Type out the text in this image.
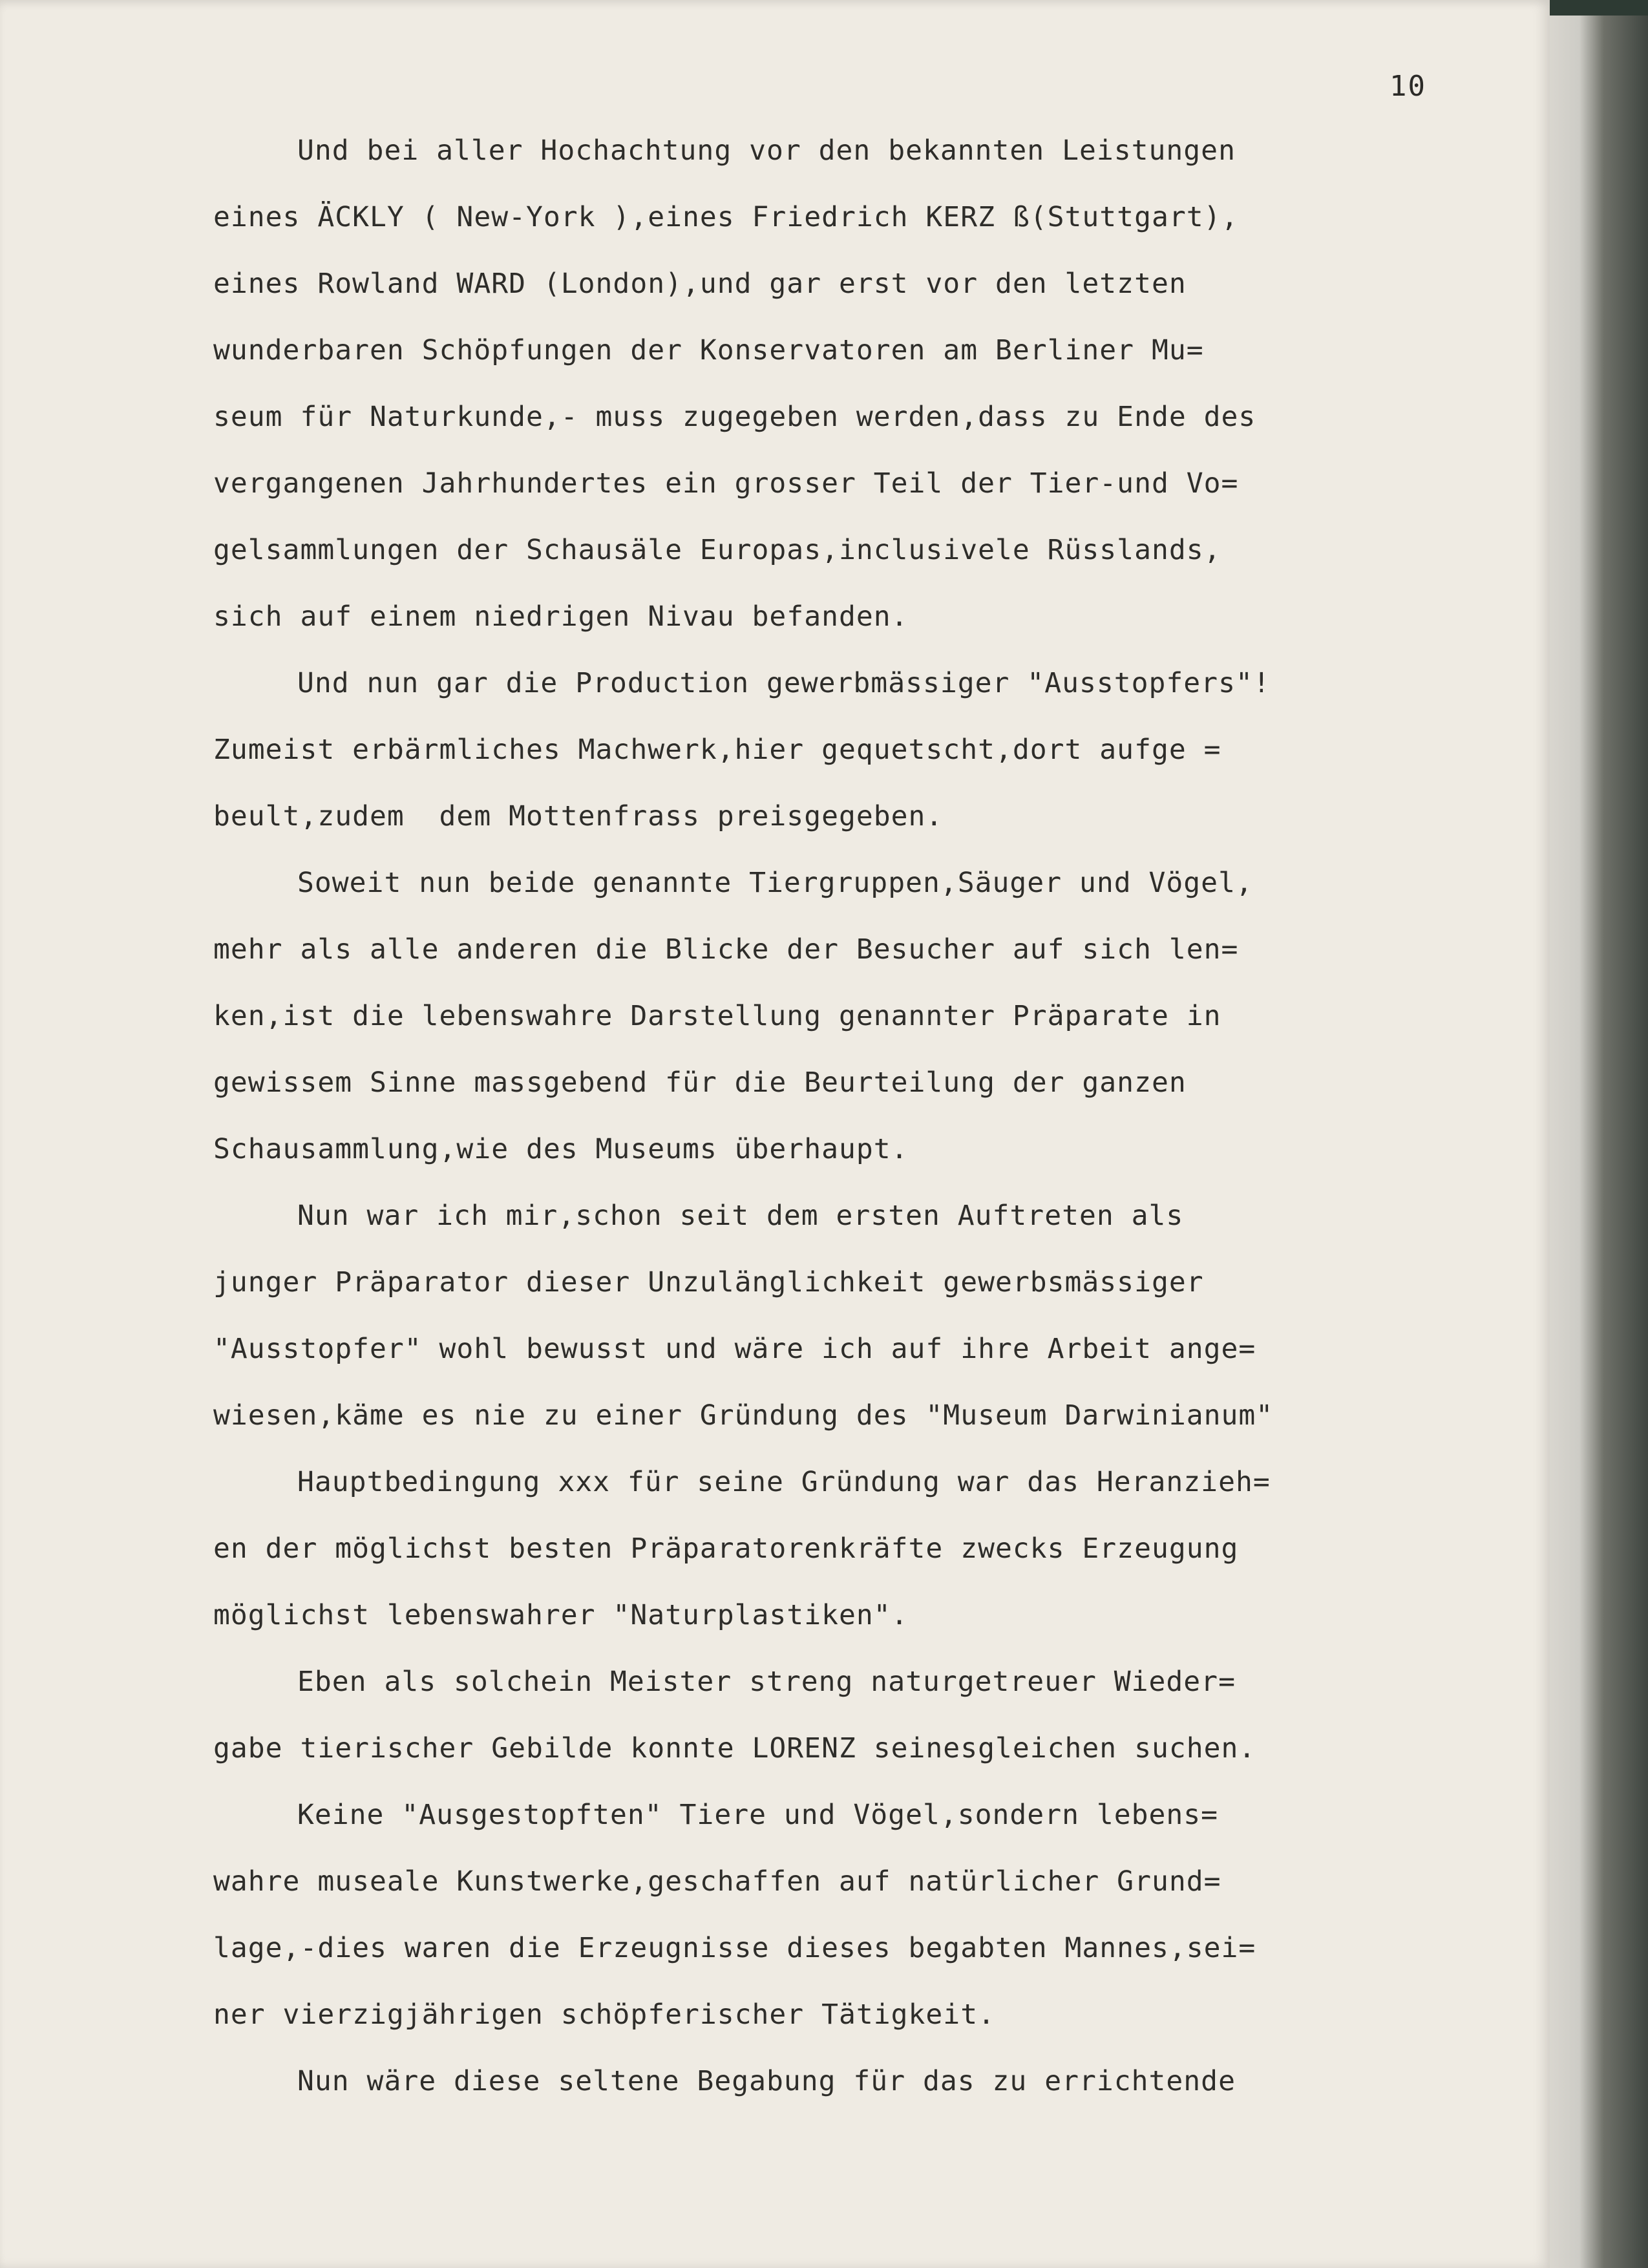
10

Und bei aller Hochachtung vor den bekannten Leistungen

eines ÄCKLY ( New-York ),eines Friedrich KERZ ß(Stuttgart),

eines Rowland WARD (London),und gar erst vor den letzten

wunderbaren Schöpfungen der Konservatoren am Berliner Mu=

seum für Naturkunde,- muss zugegeben werden,dass zu Ende des

vergangenen Jahrhundertes ein grosser Teil der Tier-und Vo=

gelsammlungen der Schausäle Europas,inclusivele Rüsslands,

sich auf einem niedrigen Nivau befanden.

Und nun gar die Production gewerbmässiger "Ausstopfers"!

Zumeist erbärmliches Machwerk,hier gequetscht,dort aufge =

beult,zudem  dem Mottenfrass preisgegeben.

Soweit nun beide genannte Tiergruppen,Säuger und Vögel,

mehr als alle anderen die Blicke der Besucher auf sich len=

ken,ist die lebenswahre Darstellung genannter Präparate in

gewissem Sinne massgebend für die Beurteilung der ganzen

Schausammlung,wie des Museums überhaupt.

Nun war ich mir,schon seit dem ersten Auftreten als

junger Präparator dieser Unzulänglichkeit gewerbsmässiger

"Ausstopfer" wohl bewusst und wäre ich auf ihre Arbeit ange=

wiesen,käme es nie zu einer Gründung des "Museum Darwinianum"

Hauptbedingung xxx für seine Gründung war das Heranzieh=

en der möglichst besten Präparatorenkräfte zwecks Erzeugung

möglichst lebenswahrer "Naturplastiken".

Eben als solchein Meister streng naturgetreuer Wieder=

gabe tierischer Gebilde konnte LORENZ seinesgleichen suchen.

Keine "Ausgestopften" Tiere und Vögel,sondern lebens=

wahre museale Kunstwerke,geschaffen auf natürlicher Grund=

lage,-dies waren die Erzeugnisse dieses begabten Mannes,sei=

ner vierzigjährigen schöpferischer Tätigkeit.

Nun wäre diese seltene Begabung für das zu errichtende
